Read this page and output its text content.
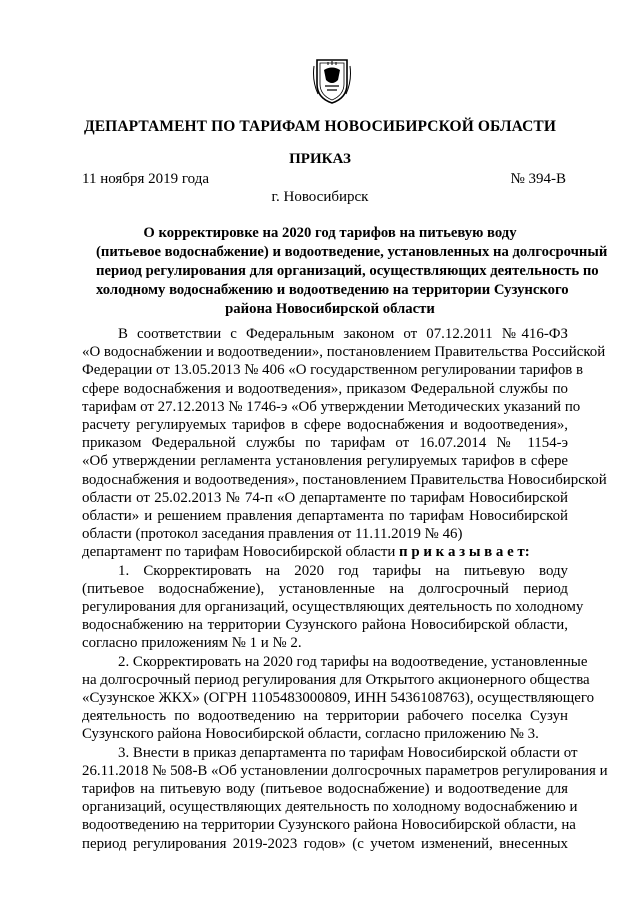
ДЕПАРТАМЕНТ ПО ТАРИФАМ НОВОСИБИРСКОЙ ОБЛАСТИ

ПРИКАЗ

11 ноября 2019 года	№ 394-В

г. Новосибирск

О корректировке на 2020 год тарифов на питьевую воду
(питьевое водоснабжение) и водоотведение, установленных на долгосрочный
период регулирования для организаций, осуществляющих деятельность по
холодному водоснабжению и водоотведению на территории Сузунского
района Новосибирской области
В соответствии с Федеральным законом от 07.12.2011 №416-ФЗ
«О водоснабжении и водоотведении», постановлением Правительства Российской
Федерации от 13.05.2013 № 406 «О государственном регулировании тарифов в
сфере водоснабжения и водоотведения», приказом Федеральной службы по
тарифам от 27.12.2013 № 1746-э «Об утверждении Методических указаний по
расчету регулируемых тарифов в сфере водоснабжения и водоотведения»,
приказом Федеральной службы по тарифам от 16.07.2014 № 1154-э
«Об утверждении регламента установления регулируемых тарифов в сфере
водоснабжения и водоотведения», постановлением Правительства Новосибирской
области от 25.02.2013 № 74-п «О департаменте по тарифам Новосибирской
области» и решением правления департамента по тарифам Новосибирской
области (протокол заседания правления от 11.11.2019 № 46)
департамент по тарифам Новосибирской области п р и к а з ы в а е т:
1. Скорректировать на 2020 год тарифы на питьевую воду
(питьевое водоснабжение), установленные на долгосрочный период
регулирования для организаций, осуществляющих деятельность по холодному
водоснабжению на территории Сузунского района Новосибирской области,
согласно приложениям № 1 и № 2.
2. Скорректировать на 2020 год тарифы на водоотведение, установленные
на долгосрочный период регулирования для Открытого акционерного общества
«Сузунское ЖКХ» (ОГРН 1105483000809, ИНН 5436108763), осуществляющего
деятельность по водоотведению на территории рабочего поселка Сузун
Сузунского района Новосибирской области, согласно приложению № 3.
3. Внести в приказ департамента по тарифам Новосибирской области от
26.11.2018 № 508-В «Об установлении долгосрочных параметров регулирования и
тарифов на питьевую воду (питьевое водоснабжение) и водоотведение для
организаций, осуществляющих деятельность по холодному водоснабжению и
водоотведению на территории Сузунского района Новосибирской области, на
период регулирования 2019-2023 годов» (с учетом изменений, внесенных
